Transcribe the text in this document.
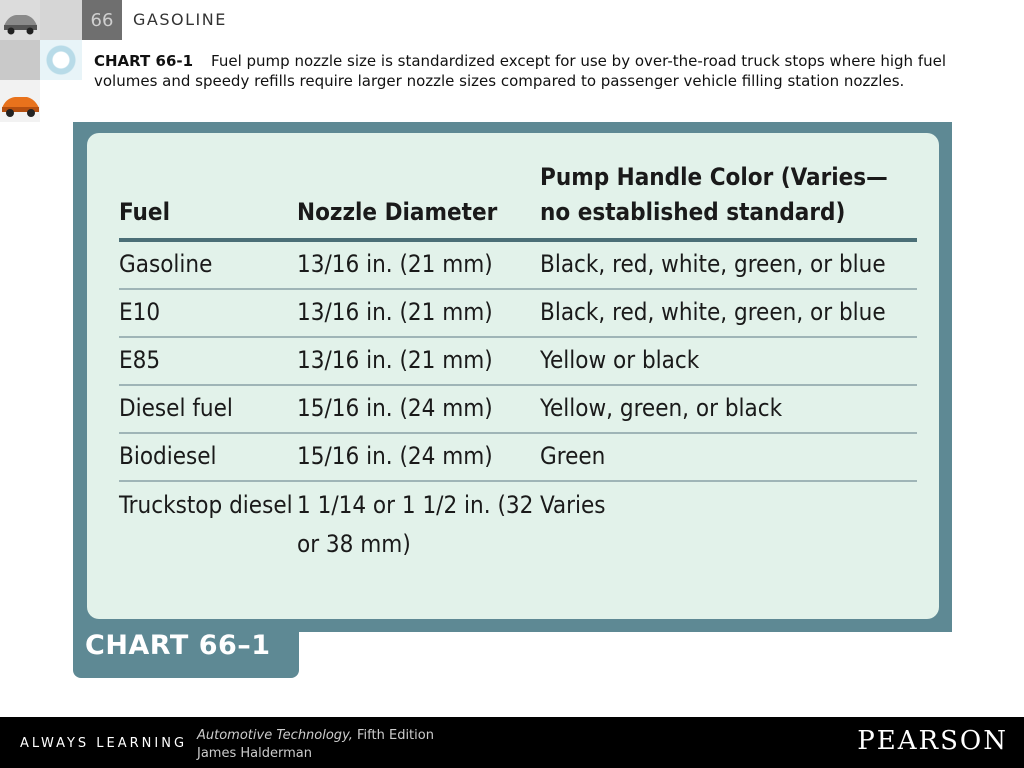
66	GASOLINE
CHART 66-1 Fuel pump nozzle size is standardized except for use by over-the-road truck stops where high fuel volumes and speedy refills require larger nozzle sizes compared to passenger vehicle filling station nozzles.
CHART 66–1
Fuel	Nozzle Diameter	Pump Handle Color (Varies—no established standard)
Gasoline	13/16 in. (21 mm)	Black, red, white, green, or blue
E10	13/16 in. (21 mm)	Black, red, white, green, or blue
E85	13/16 in. (21 mm)	Yellow or black
Diesel fuel	15/16 in. (24 mm)	Yellow, green, or black
Biodiesel	15/16 in. (24 mm)	Green
Truckstop diesel	1 1/14 or 1 1/2 in. (32 or 38 mm)	Varies
ALWAYS LEARNING
Automotive Technology, Fifth Edition
James Halderman	PEARSON
